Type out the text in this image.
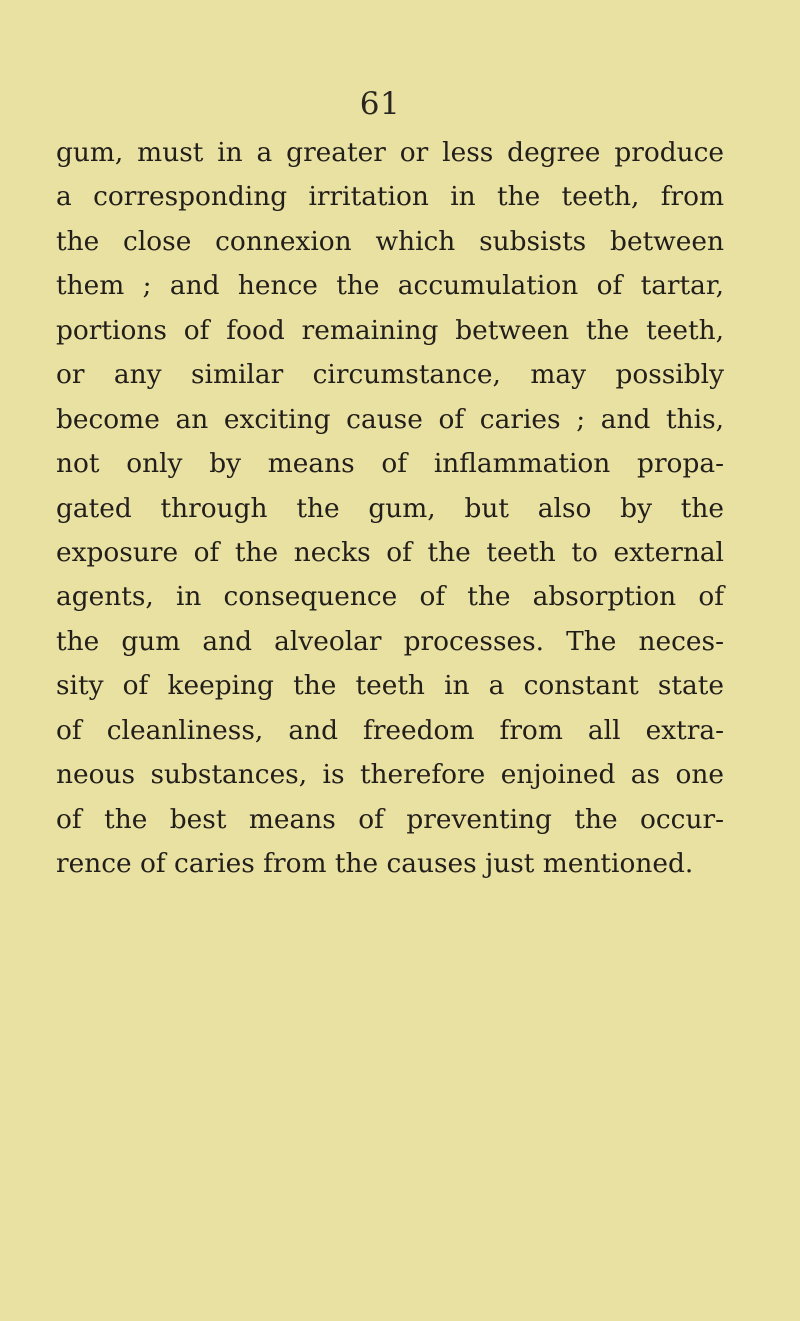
61
gum, must in a greater or less degree produce
a corresponding irritation in the teeth, from
the close connexion which subsists between
them ; and hence the accumulation of tartar,
portions of food remaining between the teeth,
or any similar circumstance, may possibly
become an exciting cause of caries ; and this,
not only by means of inflammation propa-
gated through the gum, but also by the
exposure of the necks of the teeth to external
agents, in consequence of the absorption of
the gum and alveolar processes. The neces-
sity of keeping the teeth in a constant state
of cleanliness, and freedom from all extra-
neous substances, is therefore enjoined as one
of the best means of preventing the occur-
rence of caries from the causes just mentioned.
